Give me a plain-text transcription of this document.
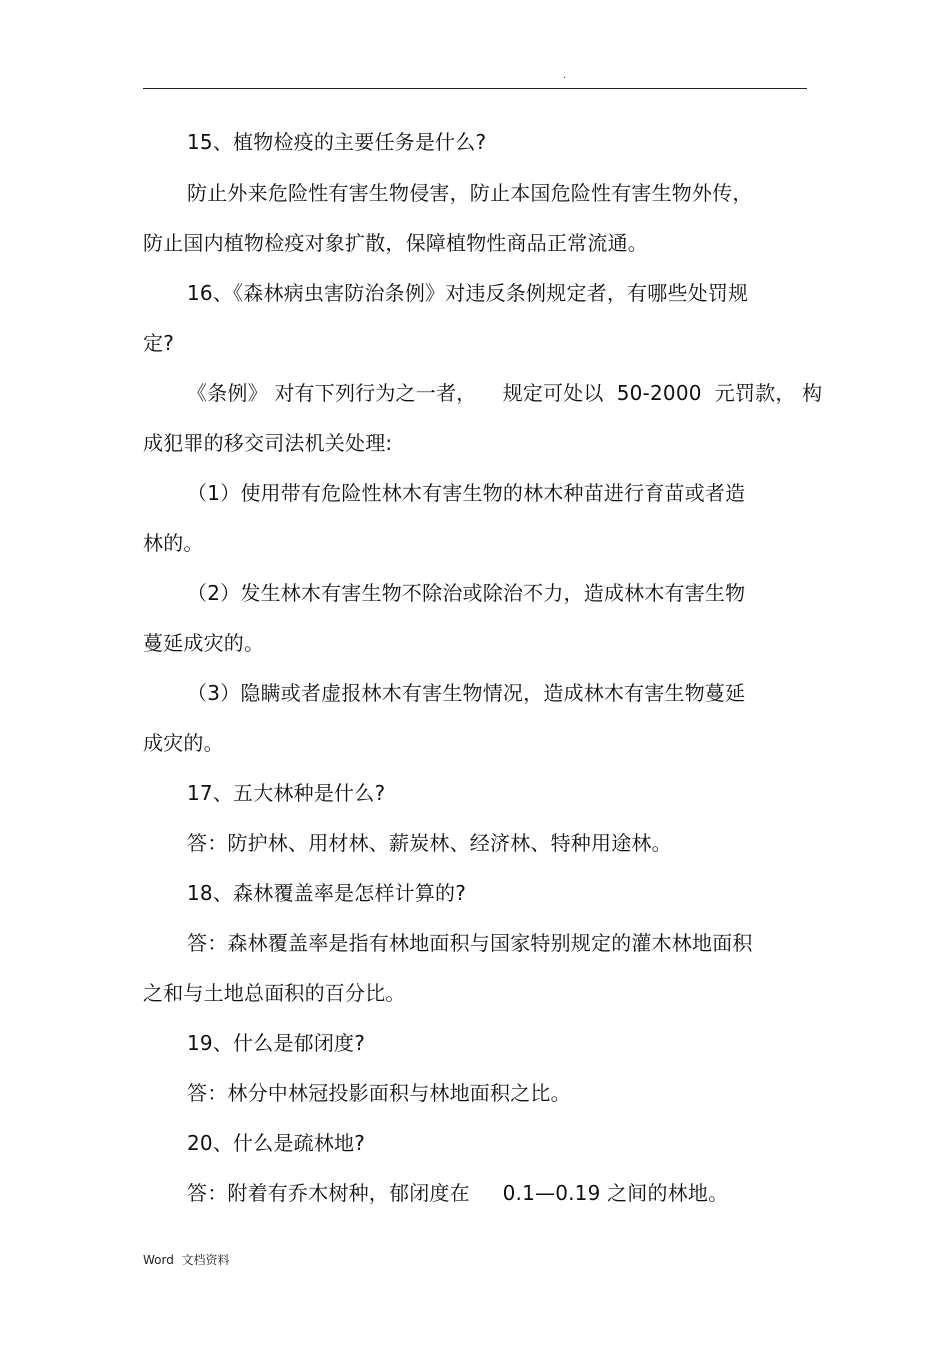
.
15、植物检疫的主要任务是什么?
防止外来危险性有害生物侵害，防止本国危险性有害生物外传，
防止国内植物检疫对象扩散，保障植物性商品正常流通。
16、《森林病虫害防治条例》对违反条例规定者，有哪些处罚规
定?
《条例》 对有下列行为之一者，    规定可处以  50-2000  元罚款， 构
成犯罪的移交司法机关处理:
（1）使用带有危险性林木有害生物的林木种苗进行育苗或者造
林的。
（2）发生林木有害生物不除治或除治不力，造成林木有害生物
蔓延成灾的。
（3）隐瞒或者虚报林木有害生物情况，造成林木有害生物蔓延
成灾的。
17、五大林种是什么?
答：防护林、用材林、薪炭林、经济林、特种用途林。
18、森林覆盖率是怎样计算的?
答：森林覆盖率是指有林地面积与国家特别规定的灌木林地面积
之和与土地总面积的百分比。
19、什么是郁闭度?
答：林分中林冠投影面积与林地面积之比。
20、什么是疏林地?
答：附着有乔木树种，郁闭度在     0.1—0.19 之间的林地。
Word  文档资料
